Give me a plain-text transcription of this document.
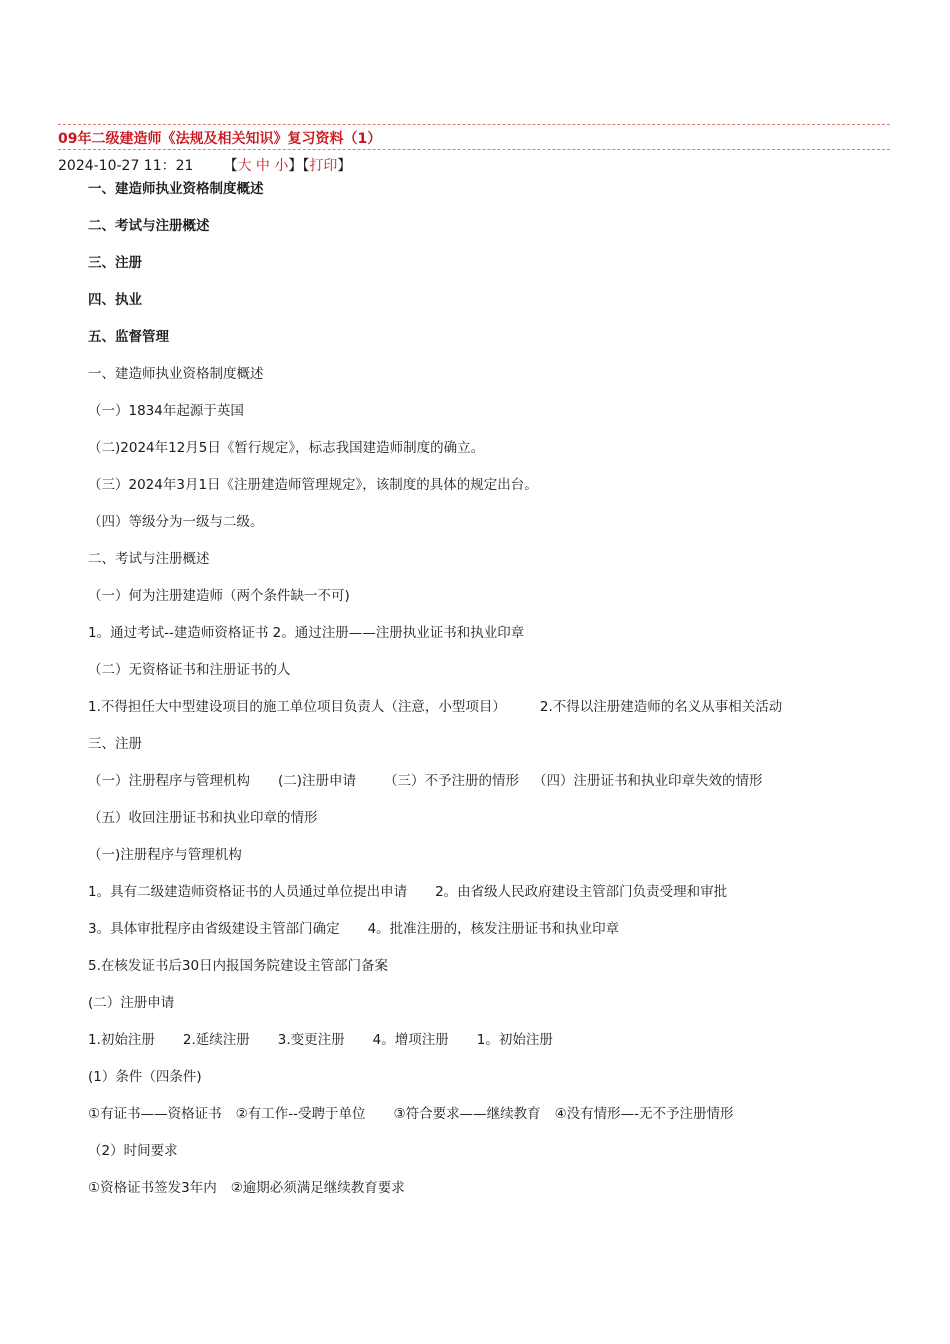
09年二级建造师《法规及相关知识》复习资料（1）
2024-10-27 11：21 【大 中 小】【打印】
一、建造师执业资格制度概述
二、考试与注册概述
三、注册
四、执业
五、监督管理
一、建造师执业资格制度概述
（一）1834年起源于英国
（二)2024年12月5日《暂行规定》，标志我国建造师制度的确立。
（三）2024年3月1日《注册建造师管理规定》，该制度的具体的规定出台。
（四）等级分为一级与二级。
二、考试与注册概述
（一）何为注册建造师（两个条件缺一不可)
1。通过考试--建造师资格证书 2。通过注册——注册执业证书和执业印章
（二）无资格证书和注册证书的人
1.不得担任大中型建设项目的施工单位项目负责人（注意，小型项目）	2.不得以注册建造师的名义从事相关活动
三、注册
（一）注册程序与管理机构 (二)注册申请 （三）不予注册的情形 （四）注册证书和执业印章失效的情形
（五）收回注册证书和执业印章的情形
（一)注册程序与管理机构
1。具有二级建造师资格证书的人员通过单位提出申请 2。由省级人民政府建设主管部门负责受理和审批
3。具体审批程序由省级建设主管部门确定 4。批准注册的，核发注册证书和执业印章
5.在核发证书后30日内报国务院建设主管部门备案
(二）注册申请
1.初始注册 2.延续注册 3.变更注册 4。增项注册 1。初始注册
(1）条件（四条件)
①有证书——资格证书 ②有工作--受聘于单位 ③符合要求——继续教育 ④没有情形—-无不予注册情形
（2）时间要求
①资格证书签发3年内 ②逾期必须满足继续教育要求
